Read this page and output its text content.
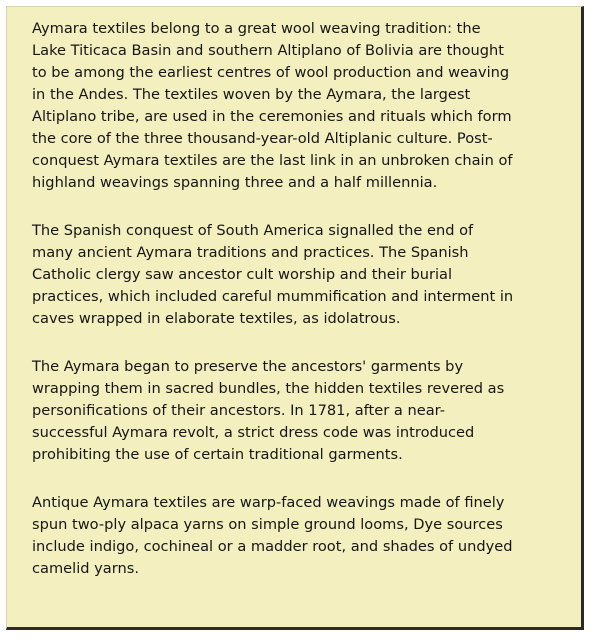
Aymara textiles belong to a great wool weaving tradition: the
Lake Titicaca Basin and southern Altiplano of Bolivia are thought
to be among the earliest centres of wool production and weaving
in the Andes. The textiles woven by the Aymara, the largest
Altiplano tribe, are used in the ceremonies and rituals which form
the core of the three thousand-year-old Altiplanic culture. Post-
conquest Aymara textiles are the last link in an unbroken chain of
highland weavings spanning three and a half millennia.
The Spanish conquest of South America signalled the end of
many ancient Aymara traditions and practices. The Spanish
Catholic clergy saw ancestor cult worship and their burial
practices, which included careful mummification and interment in
caves wrapped in elaborate textiles, as idolatrous.
The Aymara began to preserve the ancestors' garments by
wrapping them in sacred bundles, the hidden textiles revered as
personifications of their ancestors. In 1781, after a near-
successful Aymara revolt, a strict dress code was introduced
prohibiting the use of certain traditional garments.
Antique Aymara textiles are warp-faced weavings made of finely
spun two-ply alpaca yarns on simple ground looms, Dye sources
include indigo, cochineal or a madder root, and shades of undyed
camelid yarns.
